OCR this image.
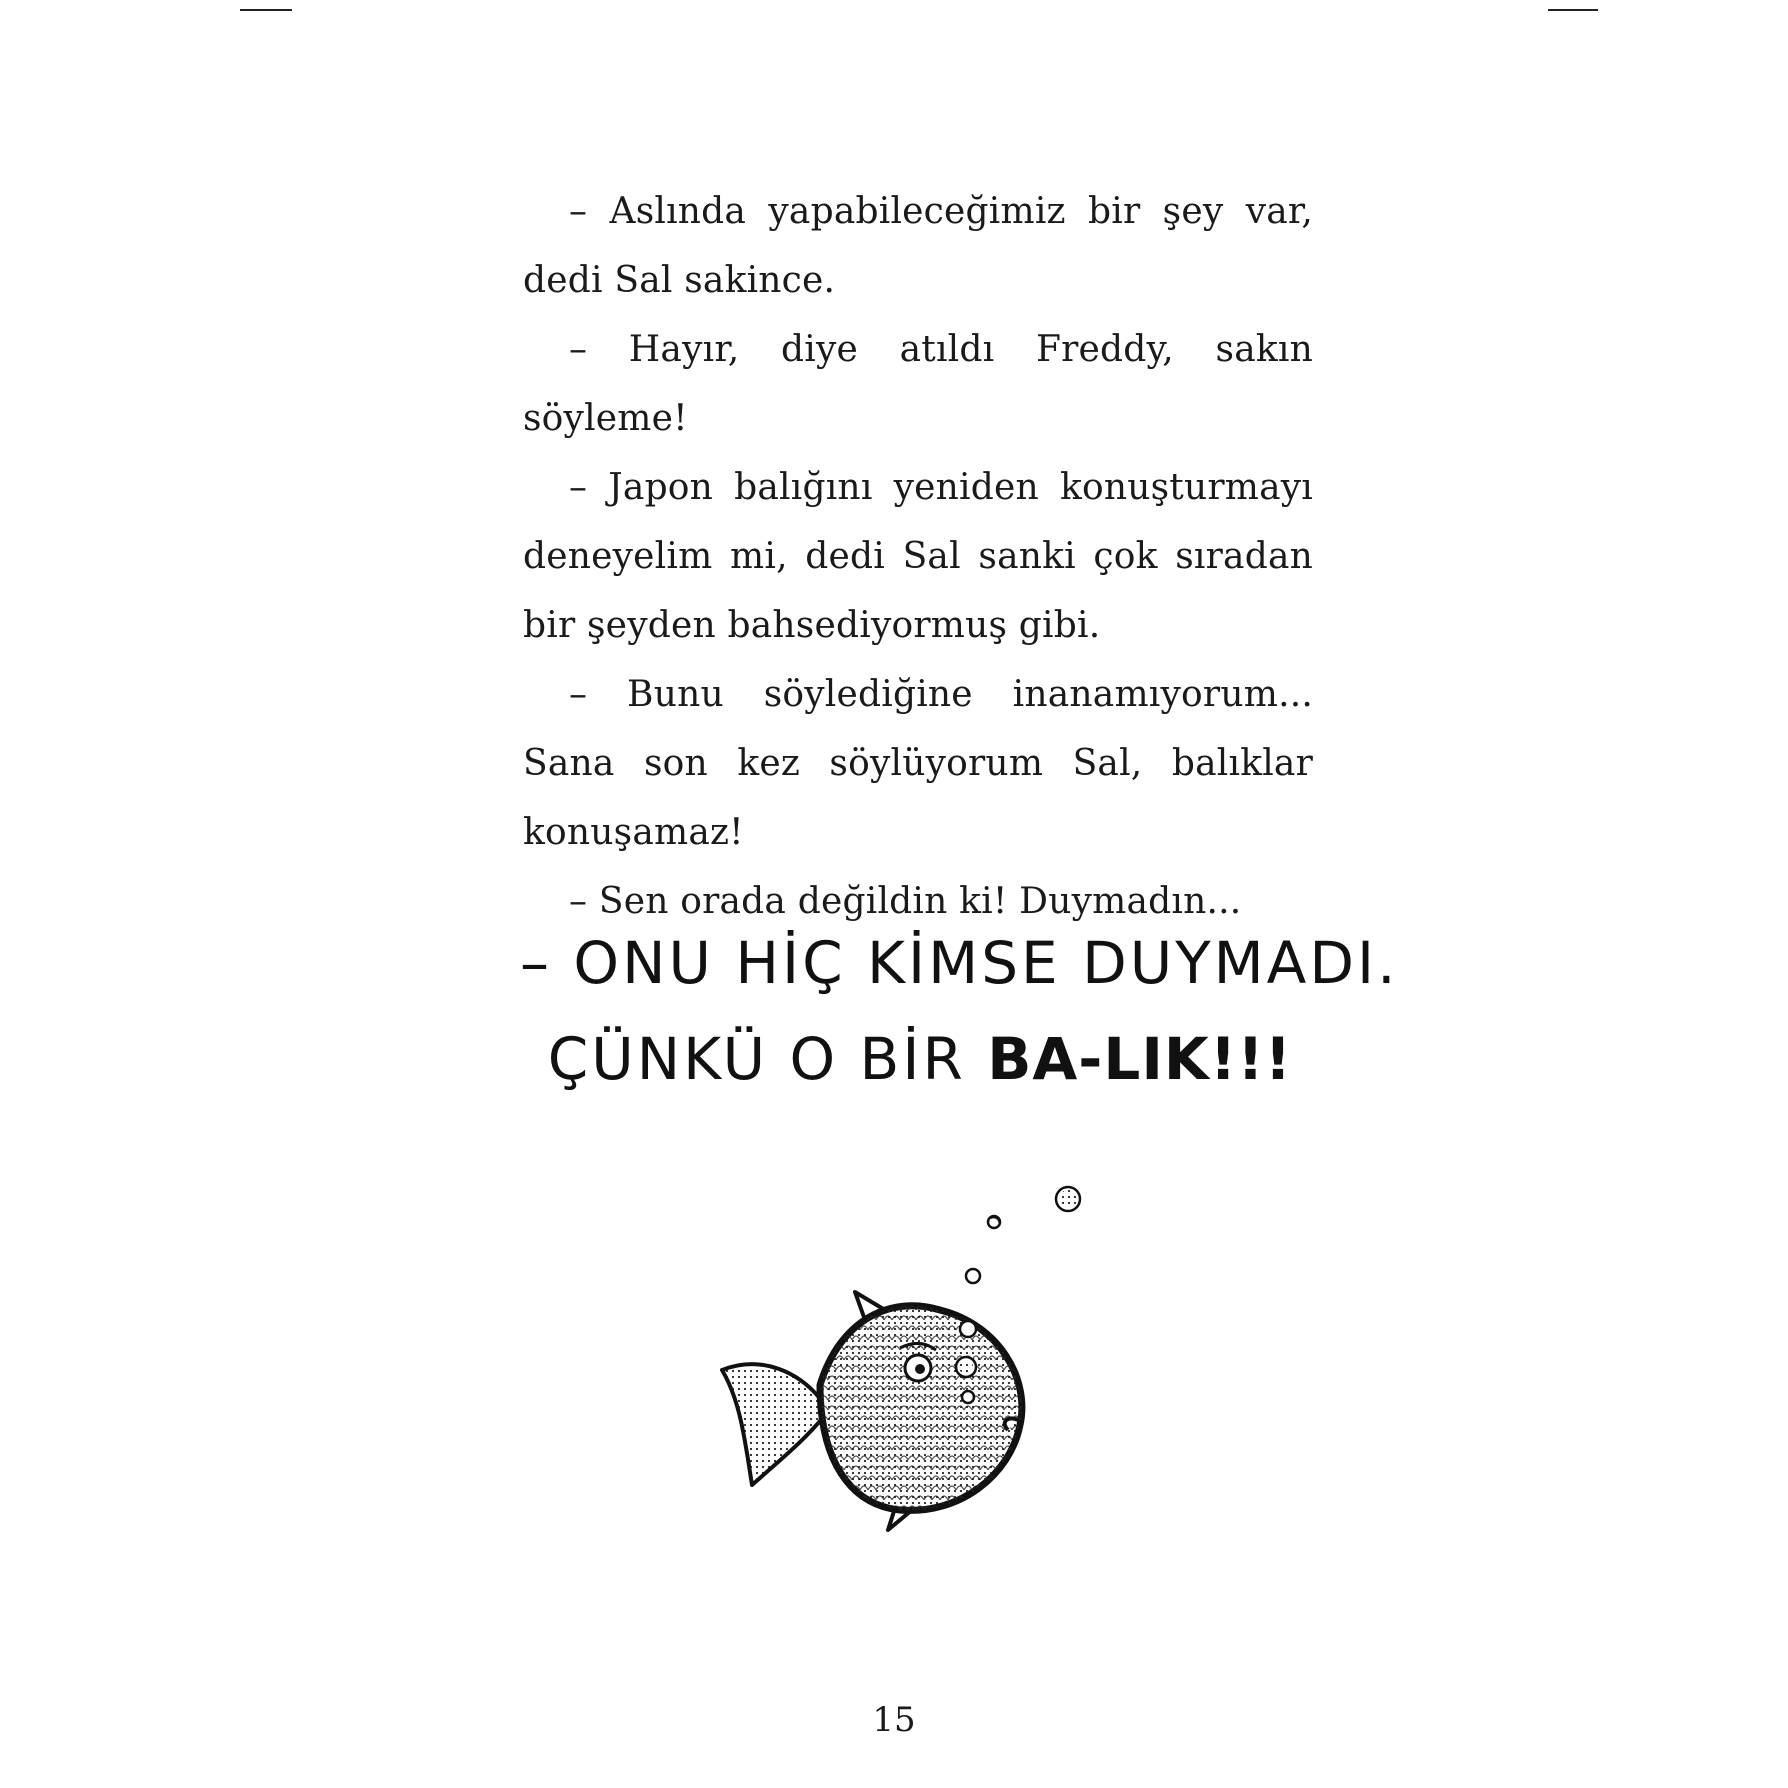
– Aslında yapabileceğimiz bir şey var, dedi Sal sakince.

– Hayır, diye atıldı Freddy, sakın söyleme!

– Japon balığını yeniden konuşturmayı deneyelim mi, dedi Sal sanki çok sıradan bir şeyden bahsediyormuş gibi.

– Bunu söylediğine inanamıyorum... Sana son kez söylüyorum Sal, balıklar konuşamaz!

– Sen orada değildin ki! Duymadın...

– ONU HİÇ KİMSE DUYMADI.
ÇÜNKÜ O BİR BA-LIK!!!
15
